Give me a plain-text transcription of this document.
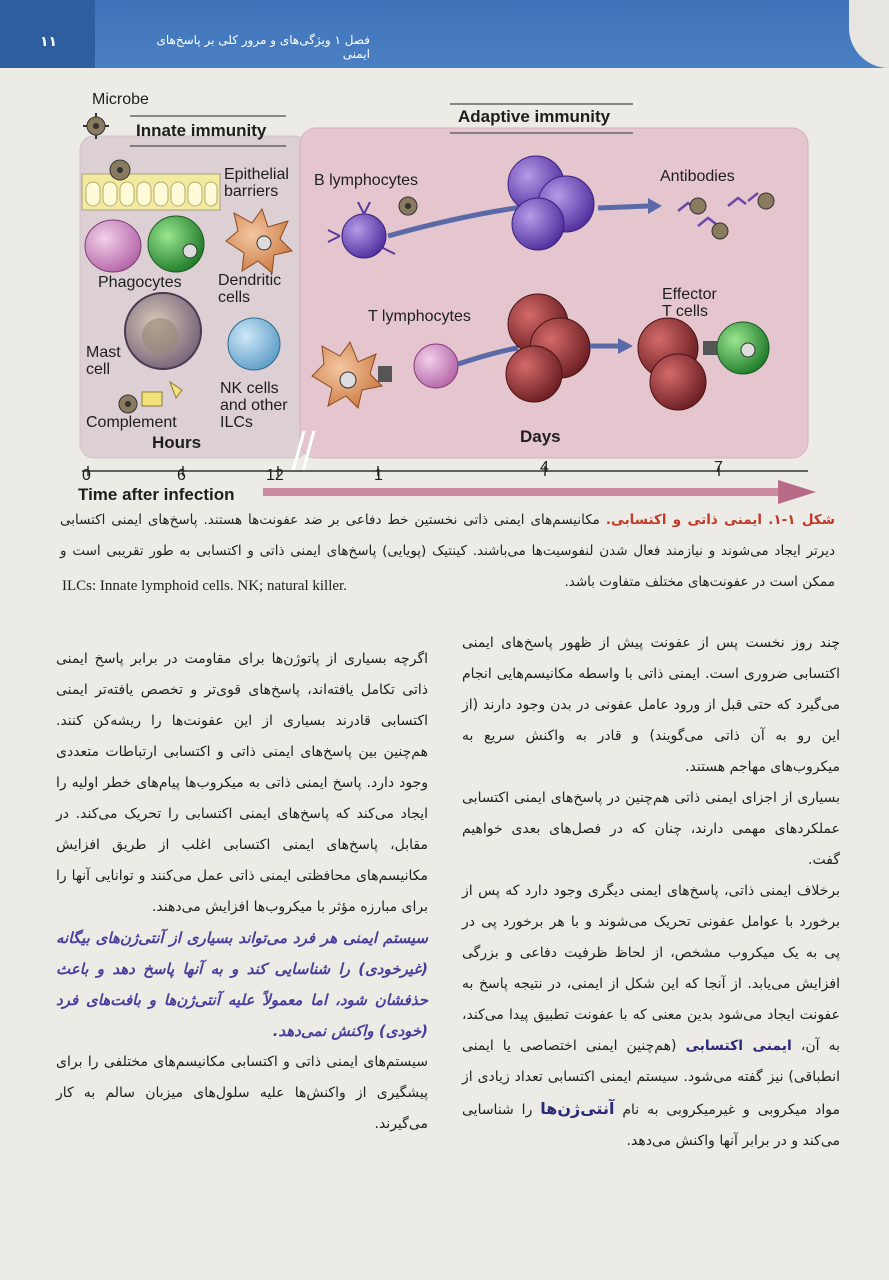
۱۱	فصل ۱ ویژگی‌های و مرور کلی بر پاسخ‌های ایمنی
Microbe
Innate immunity
Adaptive immunity
Epithelial
barriers
Phagocytes Dendritic
cells
Mast
cell
NK cells
and other
ILCs
Complement
Hours
B lymphocytes	Antibodies
T lymphocytes
Effector
T cells
Days
0	6	12	1	4	7
Time after infection
شکل ۱-۱. ایمنی ذاتی و اکتسابی. مکانیسم‌های ایمنی ذاتی نخستین خط دفاعی بر ضد عفونت‌ها هستند. پاسخ‌های ایمنی اکتسابی دیرتر ایجاد می‌شوند و نیازمند فعال شدن لنفوسیت‌ها می‌باشند. کینتیک (پویایی) پاسخ‌های ایمنی ذاتی و اکتسابی به طور تقریبی است و ممکن است در عفونت‌های مختلف متفاوت باشد.
ILCs: Innate lymphoid cells. NK; natural killer.

چند روز نخست پس از عفونت پیش از ظهور پاسخ‌های ایمنی اکتسابی ضروری است. ایمنی ذاتی با واسطه مکانیسم‌هایی انجام می‌گیرد که حتی قبل از ورود عامل عفونی در بدن وجود دارند (از این رو به آن ذاتی می‌گویند) و قادر به واکنش سریع به میکروب‌های مهاجم هستند.

بسیاری از اجزای ایمنی ذاتی هم‌چنین در پاسخ‌های ایمنی اکتسابی عملکردهای مهمی دارند، چنان که در فصل‌های بعدی خواهیم گفت.

برخلاف ایمنی ذاتی، پاسخ‌های ایمنی دیگری وجود دارد که پس از برخورد با عوامل عفونی تحریک می‌شوند و با هر برخورد پی در پی به یک میکروب مشخص، از لحاظ ظرفیت دفاعی و بزرگی افزایش می‌یابد. از آنجا که این شکل از ایمنی، در نتیجه پاسخ به عفونت ایجاد می‌شود بدین معنی که با عفونت تطبیق پیدا می‌کند، به آن، ایمنی اکتسابی (هم‌چنین ایمنی اختصاصی یا ایمنی انطباقی) نیز گفته می‌شود. سیستم ایمنی اکتسابی تعداد زیادی از مواد میکروبی و غیرمیکروبی به نام آنتی‌ژن‌ها را شناسایی می‌کند و در برابر آنها واکنش می‌دهد.

اگرچه بسیاری از پاتوژن‌ها برای مقاومت در برابر پاسخ ایمنی ذاتی تکامل یافته‌اند، پاسخ‌های قوی‌تر و تخصص یافته‌تر ایمنی اکتسابی قادرند بسیاری از این عفونت‌ها را ریشه‌کن کنند. هم‌چنین بین پاسخ‌های ایمنی ذاتی و اکتسابی ارتباطات متعددی وجود دارد. پاسخ ایمنی ذاتی به میکروب‌ها پیام‌های خطر اولیه را ایجاد می‌کند که پاسخ‌های ایمنی اکتسابی را تحریک می‌کند. در مقابل، پاسخ‌های ایمنی اکتسابی اغلب از طریق افزایش مکانیسم‌های محافظتی ایمنی ذاتی عمل می‌کنند و توانایی آنها را برای مبارزه مؤثر با میکروب‌ها افزایش می‌دهند.

سیستم ایمنی هر فرد می‌تواند بسیاری از آنتی‌ژن‌های بیگانه (غیرخودی) را شناسایی کند و به آنها پاسخ دهد و باعث حذفشان شود، اما معمولاً علیه آنتی‌ژن‌ها و بافت‌های فرد (خودی) واکنش نمی‌دهد.

سیستم‌های ایمنی ذاتی و اکتسابی مکانیسم‌های مختلفی را برای پیشگیری از واکنش‌ها علیه سلول‌های میزبان سالم به کار می‌گیرند.
